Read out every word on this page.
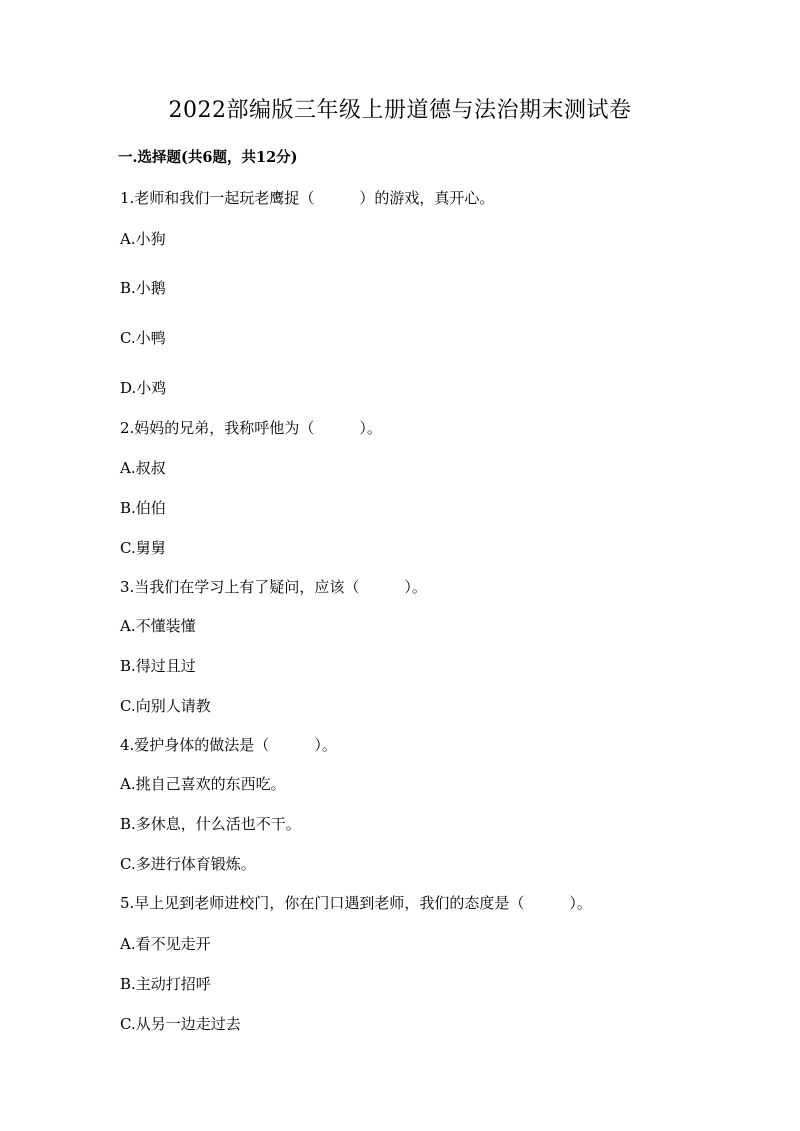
2022部编版三年级上册道德与法治期末测试卷
一.选择题(共6题，共12分)
1.老师和我们一起玩老鹰捉（　　　）的游戏，真开心。
A.小狗
B.小鹅
C.小鸭
D.小鸡
2.妈妈的兄弟，我称呼他为（　　　）。
A.叔叔
B.伯伯
C.舅舅
3.当我们在学习上有了疑问，应该（　　　）。
A.不懂装懂
B.得过且过
C.向别人请教
4.爱护身体的做法是（　　　）。
A.挑自己喜欢的东西吃。
B.多休息，什么活也不干。
C.多进行体育锻炼。
5.早上见到老师进校门，你在门口遇到老师，我们的态度是（　　　）。
A.看不见走开
B.主动打招呼
C.从另一边走过去
